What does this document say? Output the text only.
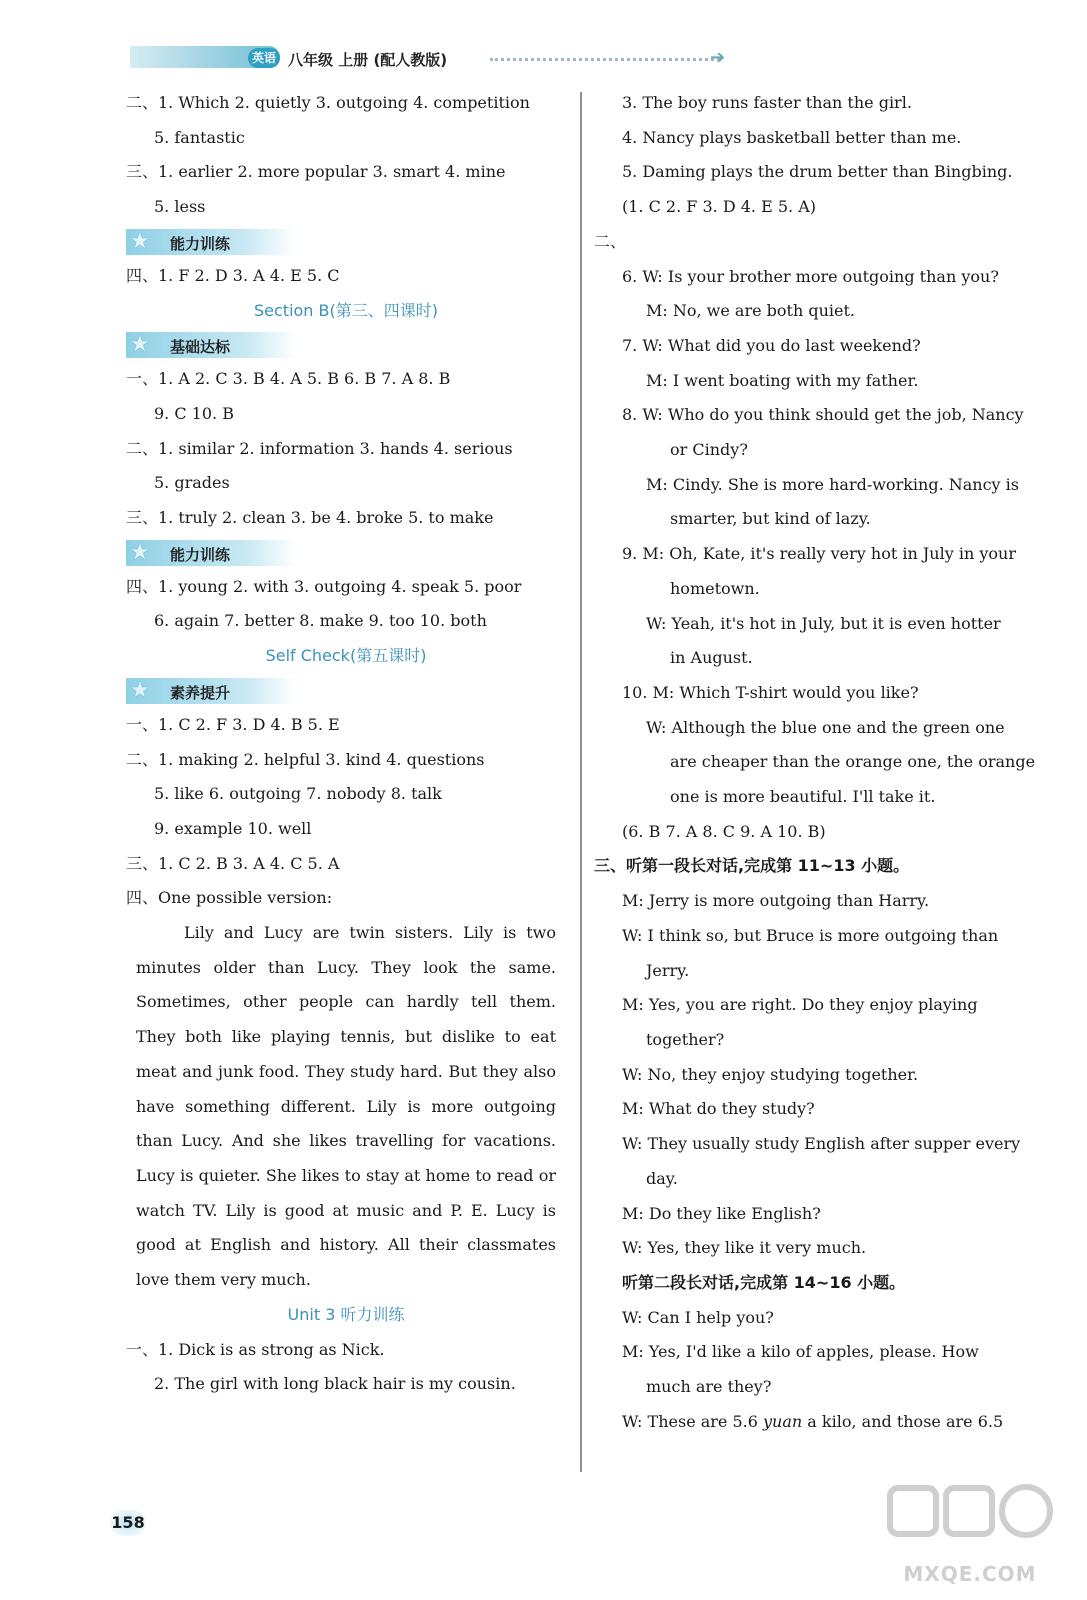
英语 八年级 上册 (配人教版)	➔
二、1. Which 2. quietly 3. outgoing 4. competition
5. fantastic
三、1. earlier 2. more popular 3. smart 4. mine
5. less
★ 能力训练
四、1. F 2. D 3. A 4. E 5. C
Section B(第三、四课时)
★ 基础达标
一、1. A 2. C 3. B 4. A 5. B 6. B 7. A 8. B
9. C 10. B
二、1. similar 2. information 3. hands 4. serious
5. grades
三、1. truly 2. clean 3. be 4. broke 5. to make
★ 能力训练
四、1. young 2. with 3. outgoing 4. speak 5. poor
6. again 7. better 8. make 9. too 10. both
Self Check(第五课时)
★ 素养提升
一、1. C 2. F 3. D 4. B 5. E
二、1. making 2. helpful 3. kind 4. questions
5. like 6. outgoing 7. nobody 8. talk
9. example 10. well
三、1. C 2. B 3. A 4. C 5. A
四、One possible version:
Lily and Lucy are twin sisters. Lily is two minutes older than Lucy. They look the same. Sometimes, other people can hardly tell them. They both like playing tennis, but dislike to eat meat and junk food. They study hard. But they also have something different. Lily is more outgoing than Lucy. And she likes travelling for vacations. Lucy is quieter. She likes to stay at home to read or watch TV. Lily is good at music and P. E. Lucy is good at English and history. All their classmates love them very much.
Unit 3 听力训练
一、1. Dick is as strong as Nick.
2. The girl with long black hair is my cousin.
3. The boy runs faster than the girl.
4. Nancy plays basketball better than me.
5. Daming plays the drum better than Bingbing.
(1. C 2. F 3. D 4. E 5. A)
二、
6. W: Is your brother more outgoing than you?
M: No, we are both quiet.
7. W: What did you do last weekend?
M: I went boating with my father.
8. W: Who do you think should get the job, Nancy
or Cindy?
M: Cindy. She is more hard-working. Nancy is
smarter, but kind of lazy.
9. M: Oh, Kate, it's really very hot in July in your
hometown.
W: Yeah, it's hot in July, but it is even hotter
in August.
10. M: Which T-shirt would you like?
W: Although the blue one and the green one
are cheaper than the orange one, the orange
one is more beautiful. I'll take it.
(6. B 7. A 8. C 9. A 10. B)
三、听第一段长对话,完成第 11~13 小题。
M: Jerry is more outgoing than Harry.
W: I think so, but Bruce is more outgoing than
Jerry.
M: Yes, you are right. Do they enjoy playing
together?
W: No, they enjoy studying together.
M: What do they study?
W: They usually study English after supper every
day.
M: Do they like English?
W: Yes, they like it very much.
听第二段长对话,完成第 14~16 小题。
W: Can I help you?
M: Yes, I'd like a kilo of apples, please. How
much are they?
W: These are 5.6 yuan a kilo, and those are 6.5
158
MXQE.COM
